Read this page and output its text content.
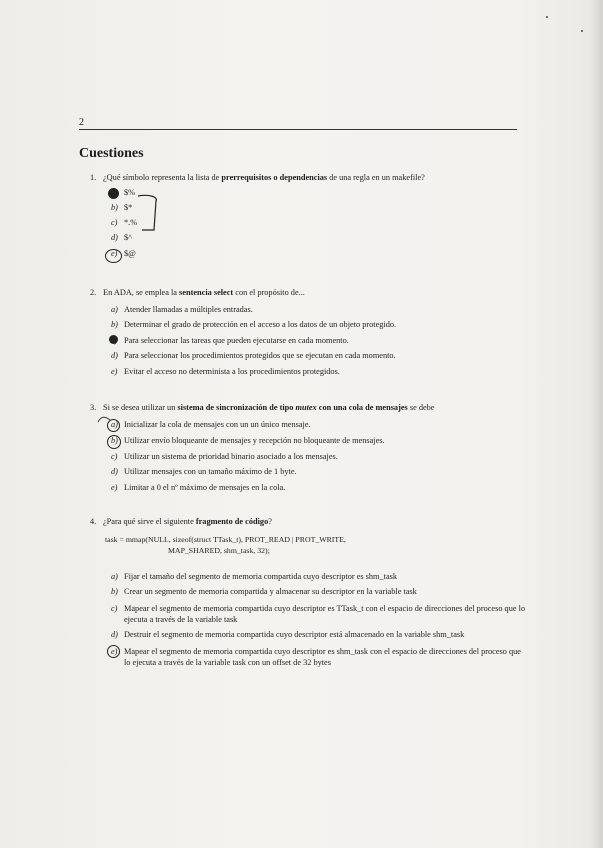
2
Cuestiones
1. ¿Qué símbolo representa la lista de prerrequisitos o dependencias de una regla en un makefile?
$%
b) $*
c) *.%
d) $^
e) $@
2. En ADA, se emplea la sentencia select con el propósito de...
a) Atender llamadas a múltiples entradas.
b) Determinar el grado de protección en el acceso a los datos de un objeto protegido.
Para seleccionar las tareas que pueden ejecutarse en cada momento.
d) Para seleccionar los procedimientos protegidos que se ejecutan en cada momento.
e) Evitar el acceso no determinista a los procedimientos protegidos.
3. Si se desea utilizar un sistema de sincronización de tipo mutex con una cola de mensajes se debe
a) Inicializar la cola de mensajes con un un único mensaje.
b) Utilizar envío bloqueante de mensajes y recepción no bloqueante de mensajes.
c) Utilizar un sistema de prioridad binario asociado a los mensajes.
d) Utilizar mensajes con un tamaño máximo de 1 byte.
e) Limitar a 0 el nº máximo de mensajes en la cola.
4. ¿Para qué sirve el siguiente fragmento de código?
task = mmap(NULL, sizeof(struct TTask_t), PROT_READ | PROT_WRITE,
MAP_SHARED, shm_task, 32);
a) Fijar el tamaño del segmento de memoria compartida cuyo descriptor es shm_task
b) Crear un segmento de memoria compartida y almacenar su descriptor en la variable task
c) Mapear el segmento de memoria compartida cuyo descriptor es TTask_t con el espacio de direcciones del proceso que lo ejecuta a través de la variable task
d) Destruir el segmento de memoria compartida cuyo descriptor está almacenado en la variable shm_task
e) Mapear el segmento de memoria compartida cuyo descriptor es shm_task con el espacio de direcciones del proceso que lo ejecuta a través de la variable task con un offset de 32 bytes
